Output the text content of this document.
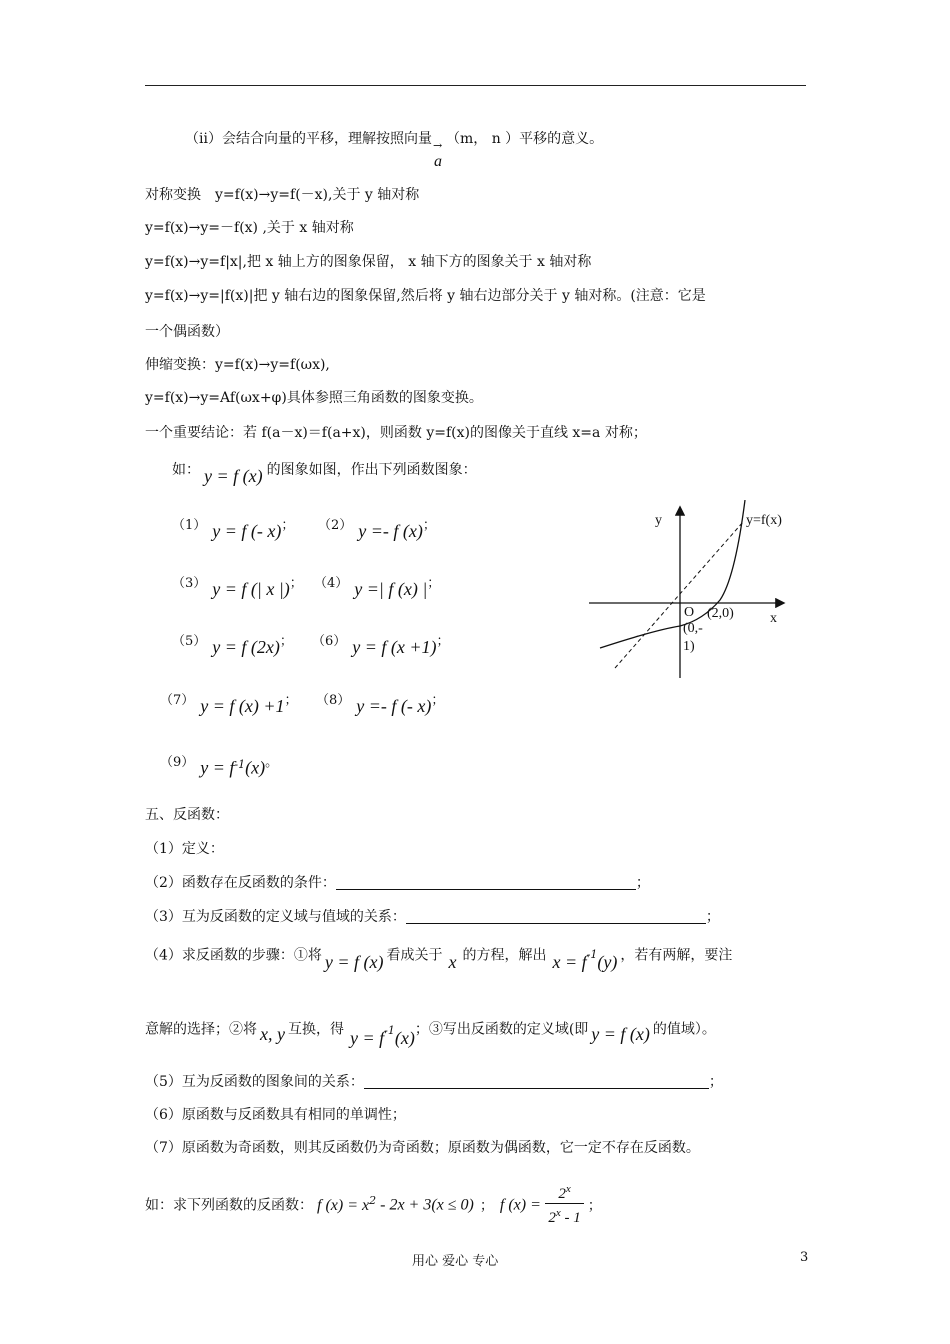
（ⅱ）会结合向量的平移，理解按照向量 →
a
（m， n ）平移的意义。
对称变换　y=f(x)→y=f(－x),关于 y 轴对称
y=f(x)→y=－f(x) ,关于 x 轴对称
y=f(x)→y=f|x|,把 x 轴上方的图象保留， x 轴下方的图象关于 x 轴对称
y=f(x)→y=|f(x)|把 y 轴右边的图象保留,然后将 y 轴右边部分关于 y 轴对称。(注意：它是
一个偶函数）
伸缩变换：y=f(x)→y=f(ωx),
y=f(x)→y=Af(ωx+φ)具体参照三角函数的图象变换。
一个重要结论：若 f(a－x)＝f(a+x)，则函数 y=f(x)的图像关于直线 x=a 对称；
如： y = f (x) 的图象如图，作出下列函数图象：
（1） y = f (- x)；	（2） y =- f (x)；
（3） y = f (| x |)； （4） y =| f (x) |；
（5） y = f (2x)；	（6） y = f (x +1)；
（7） y = f (x) +1；	（8） y =- f (- x)；
（9） $y = f^{-1}(x)$。
y
x
y=f(x)
O (2,0)
(0,-
1)
五、反函数：
（1）定义：
（2）函数存在反函数的条件：	；
（3）互为反函数的定义域与值域的关系：	；
（4）求反函数的步骤：①将 y = f (x) 看成关于 x 的方程，解出 $x = f^{-1}(y)$ ，若有两解，要注
意解的选择；②将 x, y 互换，得 $y = f^{-1}(x)$；③写出反函数的定义域(即 y = f (x) 的值域）。
（5）互为反函数的图象间的关系：	；
（6）原函数与反函数具有相同的单调性；
（7）原函数为奇函数，则其反函数仍为奇函数；原函数为偶函数，它一定不存在反函数。
如：求下列函数的反函数： f $(x) = x^2 - 2x + 3(x \le 0)$ ； f $(x) = \frac{2^x}{2^x - 1}$ ；
用心 爱心 专心	3
